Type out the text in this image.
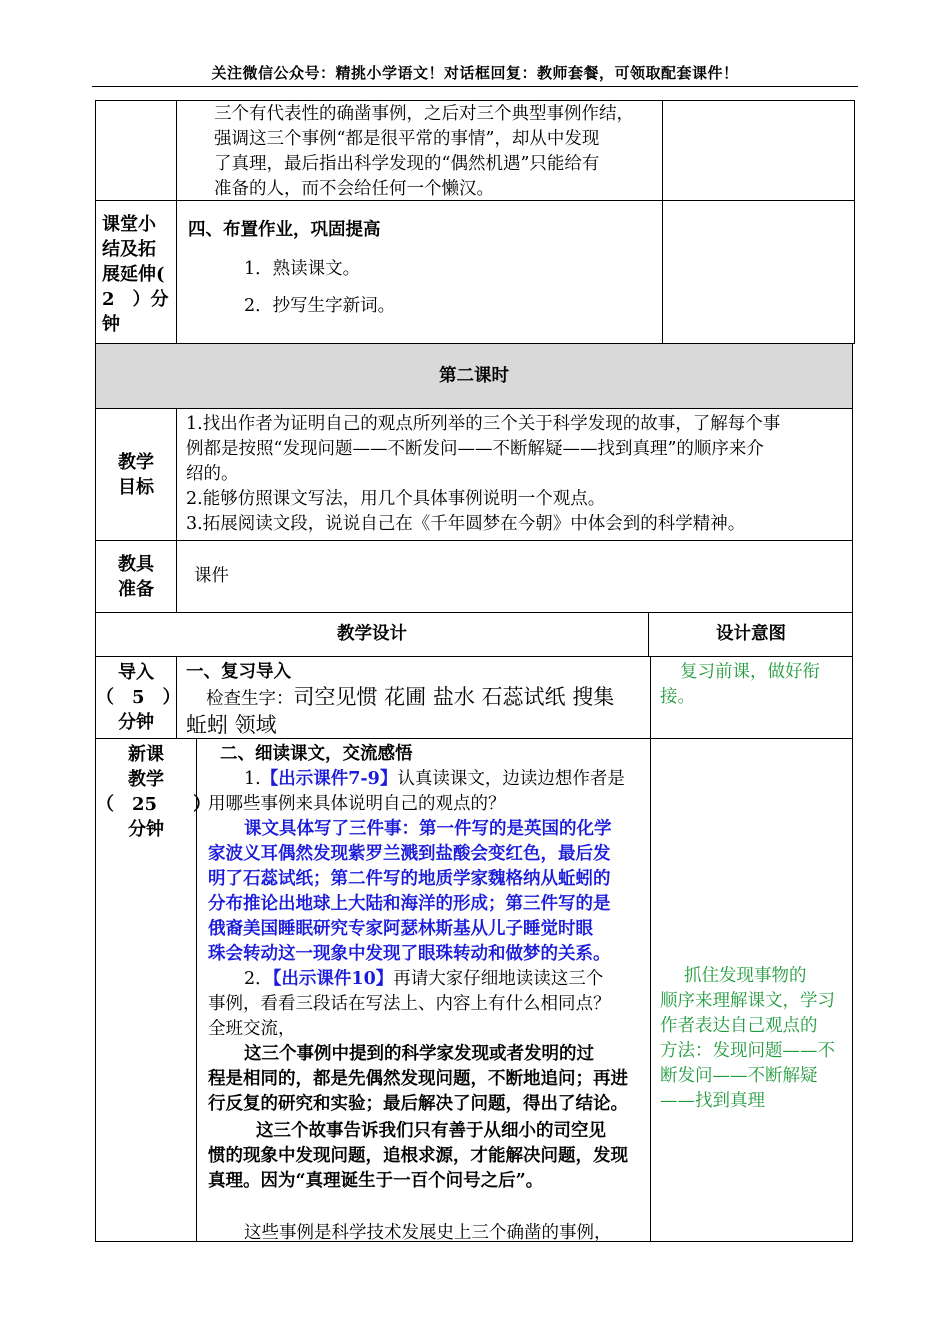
关注微信公众号：精挑小学语文！对话框回复：教师套餐，可领取配套课件！

三个有代表性的确凿事例，之后对三个典型事例作结，

强调这三个事例“都是很平常的事情”，却从中发现

了真理，最后指出科学发现的“偶然机遇”只能给有

准备的人，而不会给任何一个懒汉。

课堂小

结及拓

展延伸(

2　）分

钟

四、布置作业，巩固提高
1．熟读课文。
2．抄写生字新词。
第二课时

教学

目标

1.找出作者为证明自己的观点所列举的三个关于科学发现的故事，了解每个事

例都是按照“发现问题——不断发问——不断解疑——找到真理”的顺序来介

绍的。

2.能够仿照课文写法，用几个具体事例说明一个观点。

3.拓展阅读文段，说说自己在《千年圆梦在今朝》中体会到的科学精神。

教具

准备

课件
教学设计	设计意图

导入

（　5　）

分钟

一、复习导入

检查生字：司空见惯 花圃 盐水 石蕊试纸 搜集

蚯蚓 领域

复习前课，做好衔

接。

新课

教学

（　25　　）

分钟

二、细读课文，交流感悟

1.【出示课件7-9】认真读课文，边读边想作者是

用哪些事例来具体说明自己的观点的？

课文具体写了三件事：第一件写的是英国的化学

家波义耳偶然发现紫罗兰溅到盐酸会变红色，最后发

明了石蕊试纸；第二件写的地质学家魏格纳从蚯蚓的

分布推论出地球上大陆和海洋的形成；第三件写的是

俄裔美国睡眠研究专家阿瑟林斯基从儿子睡觉时眼

珠会转动这一现象中发现了眼珠转动和做梦的关系。

2．【出示课件10】再请大家仔细地读读这三个

事例，看看三段话在写法上、内容上有什么相同点？

全班交流，

这三个事例中提到的科学家发现或者发明的过

程是相同的，都是先偶然发现问题，不断地追问；再进

行反复的研究和实验；最后解决了问题，得出了结论。

这三个故事告诉我们只有善于从细小的司空见

惯的现象中发现问题，追根求源，才能解决问题，发现

真理。因为“真理诞生于一百个问号之后”。

这些事例是科学技术发展史上三个确凿的事例，

抓住发现事物的

顺序来理解课文，学习

作者表达自己观点的

方法：发现问题——不

断发问——不断解疑

——找到真理
